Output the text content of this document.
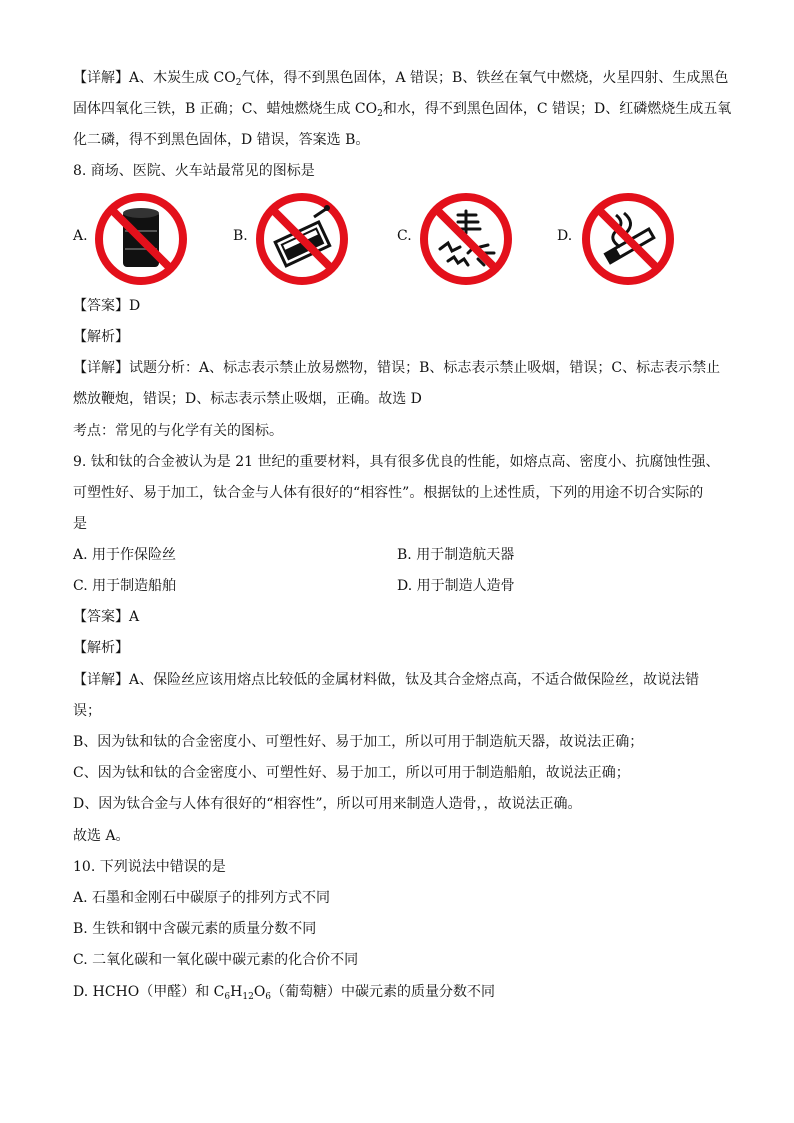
【详解】A、木炭生成 $CO_2$气体，得不到黑色固体，A 错误；B、铁丝在氧气中燃烧，火星四射、生成黑色
固体四氧化三铁，B 正确；C、蜡烛燃烧生成 $CO_2$和水，得不到黑色固体，C 错误；D、红磷燃烧生成五氧
化二磷，得不到黑色固体，D 错误，答案选 B。
8. 商场、医院、火车站最常见的图标是
A.	B.	C.	D.
【答案】D
【解析】
【详解】试题分析：A、标志表示禁止放易燃物，错误；B、标志表示禁止吸烟，错误；C、标志表示禁止
燃放鞭炮，错误；D、标志表示禁止吸烟，正确。故选 D
考点：常见的与化学有关的图标。
9. 钛和钛的合金被认为是 21 世纪的重要材料，具有很多优良的性能，如熔点高、密度小、抗腐蚀性强、
可塑性好、易于加工，钛合金与人体有很好的“相容性”。根据钛的上述性质，下列的用途不切合实际的
是
A. 用于作保险丝	B. 用于制造航天器
C. 用于制造船舶	D. 用于制造人造骨
【答案】A
【解析】
【详解】A、保险丝应该用熔点比较低的金属材料做，钛及其合金熔点高，不适合做保险丝，故说法错
误；
B、因为钛和钛的合金密度小、可塑性好、易于加工，所以可用于制造航天器，故说法正确；
C、因为钛和钛的合金密度小、可塑性好、易于加工，所以可用于制造船舶，故说法正确；
D、因为钛合金与人体有很好的“相容性”，所以可用来制造人造骨，，故说法正确。
故选 A。
10. 下列说法中错误的是
A. 石墨和金刚石中碳原子的排列方式不同
B. 生铁和钢中含碳元素的质量分数不同
C. 二氧化碳和一氧化碳中碳元素的化合价不同
D. HCHO（甲醛）和 $C_6H_{12}O_6$（葡萄糖）中碳元素的质量分数不同
